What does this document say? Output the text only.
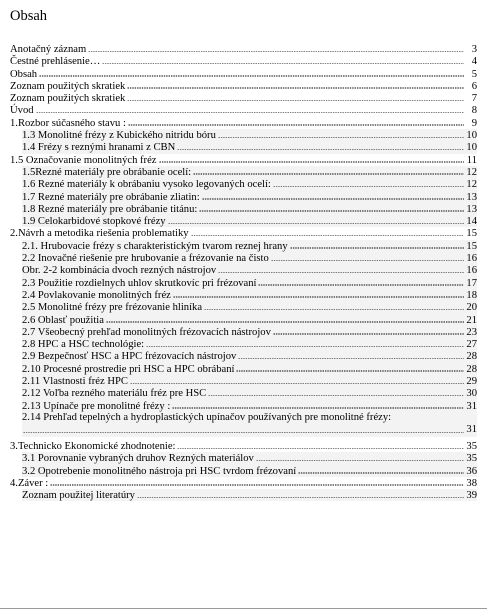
Obsah
Anotačný záznam	3
Čestné prehlásenie…	4
Obsah	5
Zoznam použitých skratiek	6
Zoznam použitých skratiek	7
Úvod	8
1.Rozbor súčasného stavu :	9
1.3 Monolitné frézy z Kubického nitridu bóru	10
1.4 Frézy s reznými hranami z CBN	10
1.5 Označovanie monolitných fréz	11
1.5Rezné materiály pre obrábanie ocelí:	12
1.6 Rezné materiály k obrábaniu vysoko legovaných ocelí:	12
1.7 Rezné materiály pre obrábanie zliatin:	13
1.8 Rezné materiály pre obrábanie titánu:	13
1.9 Celokarbidové stopkové frézy	14
2.Návrh a metodika riešenia problematiky	15
2.1. Hrubovacie frézy s charakteristickým tvarom reznej hrany	15
2.2 Inovačné riešenie pre hrubovanie a frézovanie na čisto	16
Obr. 2-2 kombinácia dvoch rezných nástrojov	16
2.3 Použitie rozdielnych uhlov skrutkovíc pri frézovaní	17
2.4 Povlakovanie monolitných fréz	18
2.5 Monolitné frézy pre frézovanie hliníka	20
2.6 Oblasť použitia	21
2.7 Všeobecný prehľad monolitných frézovacích nástrojov	23
2.8 HPC a HSC technológie:	27
2.9 Bezpečnosť HSC a HPC frézovacích nástrojov	28
2.10 Procesné prostredie pri HSC a HPC obrábaní	28
2.11 Vlastnosti fréz HPC	29
2.12 Voľba rezného materiálu fréz pre HSC	30
2.13 Upínače pre monolitné frézy :	31
2.14 Prehľad tepelných a hydroplastických upínačov používaných pre monolitné frézy:
31
3.Technicko Ekonomické zhodnotenie:	35
3.1 Porovnanie vybraných druhov Rezných materiálov	35
3.2 Opotrebenie monolitného nástroja pri HSC tvrdom frézovaní	36
4.Záver :	38
Zoznam použitej literatúry	39
